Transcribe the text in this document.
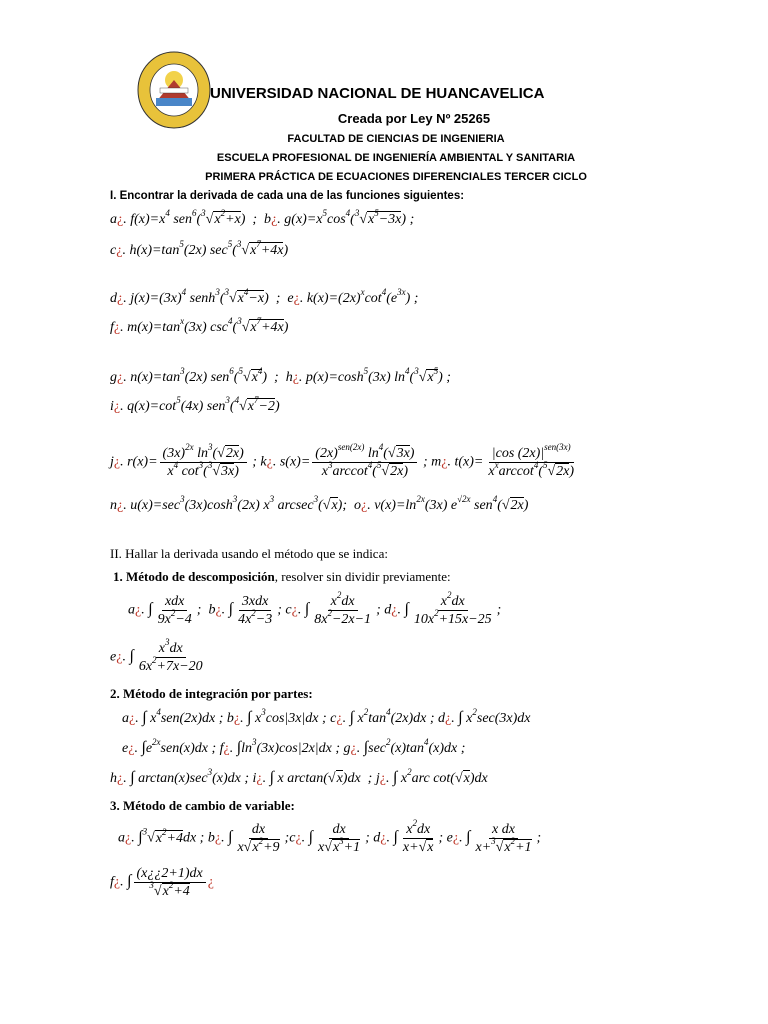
UNIVERSIDAD NACIONAL DE HUANCAVELICA
Creada por Ley Nº 25265
FACULTAD DE CIENCIAS DE INGENIERIA
ESCUELA PROFESIONAL DE INGENIERÍA AMBIENTAL Y SANITARIA
PRIMERA PRÁCTICA DE ECUACIONES DIFERENCIALES TERCER CICLO
I. Encontrar la derivada de cada una de las funciones siguientes:
a¿. $f(x)=x^4$ $sen^6(^3√x^2+x)$  ;  b¿. $g(x)=x^5\cos^4(^3√x^5-3x)$ ;
c¿. $h(x)=\tan^5(2x)$ $\sec^5(^3√x^7+4x)$
d¿. $j(x)=(3x)^4$ $senh^3(^3√x^4-x)$  ;  e¿. $k(x)=(2x)^x\cot^4(e^{3x})$ ;
f¿. $m(x)=\tan^x(3x)$ $\csc^4(^3√x^7+4x)$
g¿. $n(x)=\tan^3(2x)$ $sen^6(^5√x^4)$  ;  h¿. $p(x)=\cosh^5(3x)$ $\ln^4(^3√x^5)$ ;
i¿. $q(x)=\cot^5(4x)$ $sen^3(^4√x^7-2)$
j¿. $r(x)= \frac{(3x)^{2x} \ln^3(√2x)}{x^4 \cot^3(^3√3x)}$ ; k¿. $s(x)= \frac{(2x)^{sen(2x)} \ln^4(√3x)}{x^3arccot^4(^5√2x)}$ ; m¿. $t(x)= \frac{|\cos (2x)|^{sen(3x)}}{x^xarccot^4(^5√2x)}$
n¿. $u(x)=\sec^3(3x)\cosh^3(2x)$ $x^3$ arcsec$^3$(√x);  o¿. $v(x)=\ln^{2x}(3x)$ $e^{√2x}$ sen$^4$(√2x)
II. Hallar la derivada usando el método que se indica:
1. Método de descomposición, resolver sin dividir previamente:
a¿. ∫ $\frac{\text{xdx}}{9x^2-4}$ ;  b¿. ∫ $\frac{\text{3xdx}}{4x^2-3}$ ; c¿. ∫ $\frac{x^2dx}{8x^2-2x-1}$ ; d¿. ∫ $\frac{x^2dx}{10x^2+15x-25}$ ;
e¿. ∫ $\frac{x^3dx}{6x^2+7x-20}$
2. Método de integración por partes:
a¿. ∫ $x^4sen(2x)dx$ ; b¿. ∫ $x^3\cos|3x|dx$ ; c¿. ∫ $x^2\tan^4(2x)dx$ ; d¿. ∫ $x^2\sec(3x)dx$
e¿. $\int e^{2x}sen(x)dx$ ; f¿. $\int\ln^3(3x)\cos|2x|dx$ ; g¿. $\int\sec^2(x)\tan^4(x)dx$ ;
h¿. ∫ $\arctan(x)\sec^3(x)dx$ ; i¿. ∫ x arctan(√x)dx  ; j¿. ∫ $x^2arc$ cot(√x)dx
3. Método de cambio de variable:
a¿. $\int^3√x^2+4dx$ ; b¿. ∫ $\frac{dx}{x√x^2+9}$ ;c¿. ∫ $\frac{dx}{x√x^3+1}$ ; d¿. ∫ $\frac{x^2dx}{x+√x}$ ; e¿. ∫ $\frac{\text{x dx}}{x+^3√x^2+1}$ ;
f¿. ∫ $\frac{(x¿¿2+1)dx}{^3√x^2+4}$ ¿
